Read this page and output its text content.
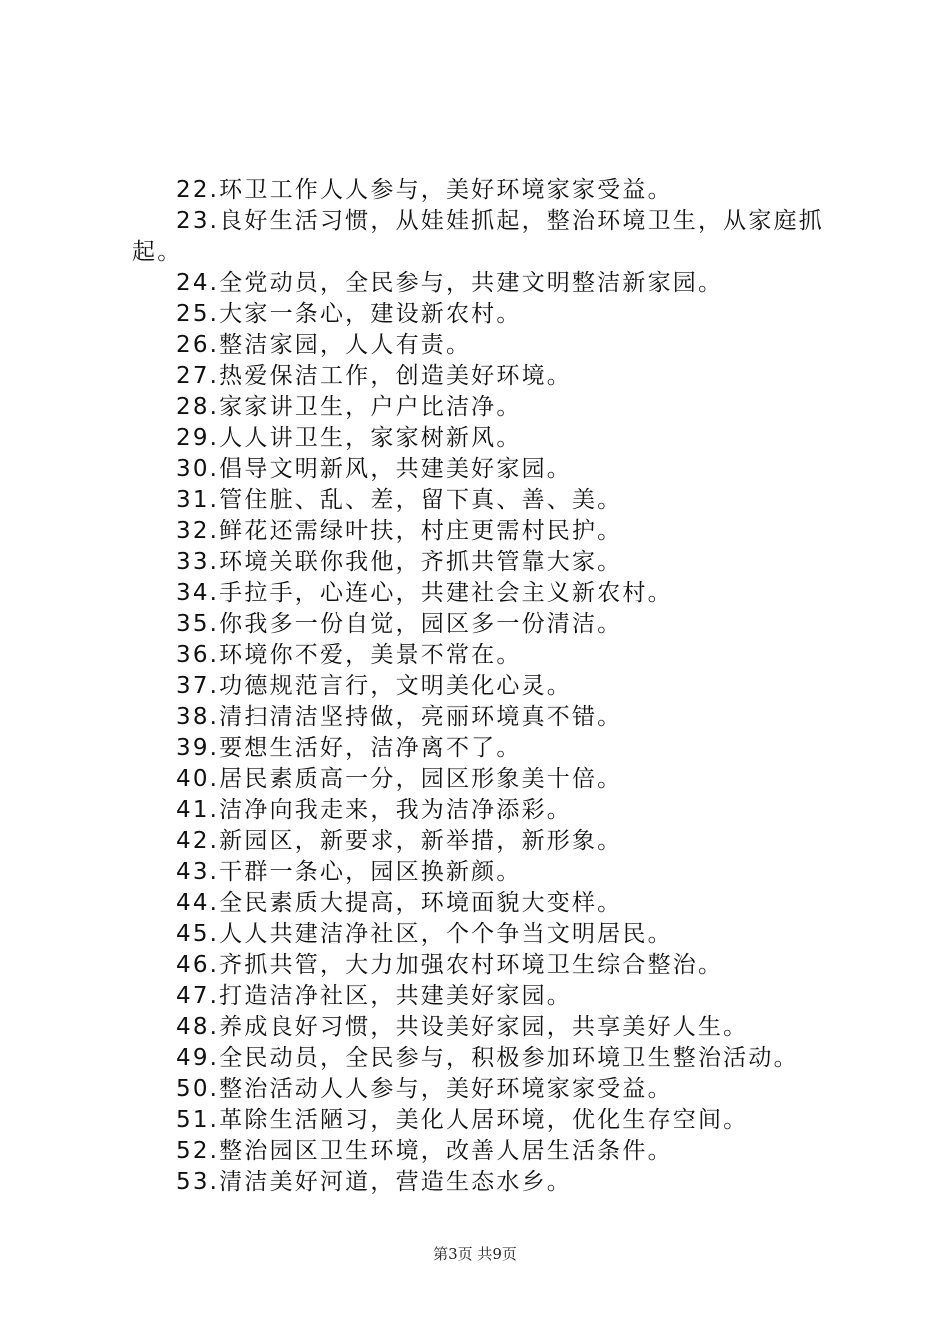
22.环卫工作人人参与，美好环境家家受益。

23.良好生活习惯，从娃娃抓起，整治环境卫生，从家庭抓起。

24.全党动员，全民参与，共建文明整洁新家园。

25.大家一条心，建设新农村。

26.整洁家园，人人有责。

27.热爱保洁工作，创造美好环境。

28.家家讲卫生，户户比洁净。

29.人人讲卫生，家家树新风。

30.倡导文明新风，共建美好家园。

31.管住脏、乱、差，留下真、善、美。

32.鲜花还需绿叶扶，村庄更需村民护。

33.环境关联你我他，齐抓共管靠大家。

34.手拉手，心连心，共建社会主义新农村。

35.你我多一份自觉，园区多一份清洁。

36.环境你不爱，美景不常在。

37.功德规范言行，文明美化心灵。

38.清扫清洁坚持做，亮丽环境真不错。

39.要想生活好，洁净离不了。

40.居民素质高一分，园区形象美十倍。

41.洁净向我走来，我为洁净添彩。

42.新园区，新要求，新举措，新形象。

43.干群一条心，园区换新颜。

44.全民素质大提高，环境面貌大变样。

45.人人共建洁净社区，个个争当文明居民。

46.齐抓共管，大力加强农村环境卫生综合整治。

47.打造洁净社区，共建美好家园。

48.养成良好习惯，共设美好家园，共享美好人生。

49.全民动员，全民参与，积极参加环境卫生整治活动。

50.整治活动人人参与，美好环境家家受益。

51.革除生活陋习，美化人居环境，优化生存空间。

52.整治园区卫生环境，改善人居生活条件。

53.清洁美好河道，营造生态水乡。

第3页 共9页
